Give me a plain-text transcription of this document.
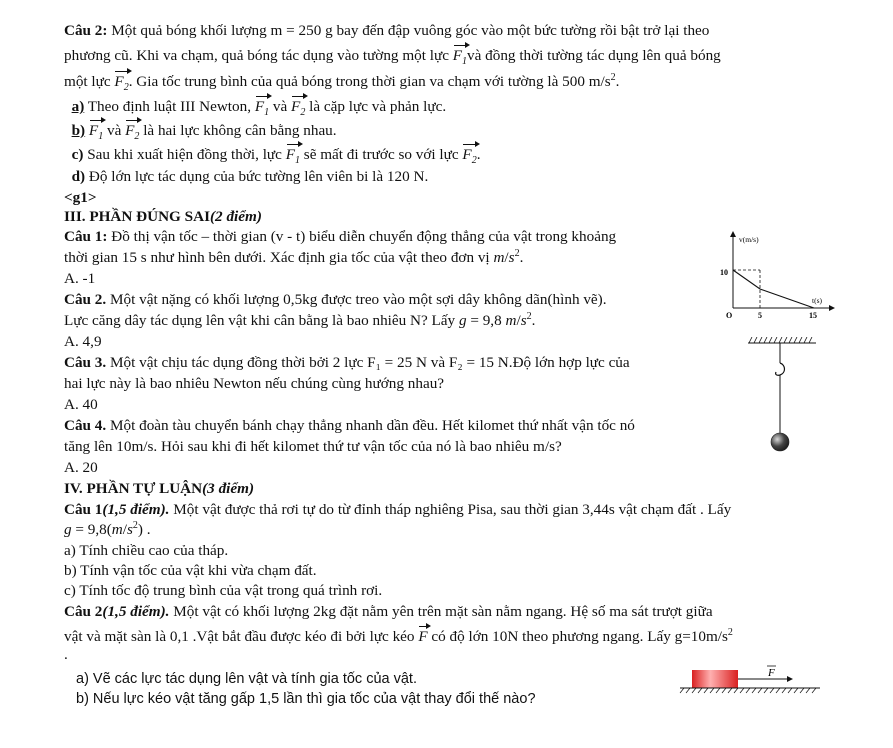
Câu 2: Một quả bóng khối lượng m = 250 g bay đến đập vuông góc vào một bức tường rồi bật trở lại theo
phương cũ. Khi va chạm, quả bóng tác dụng vào tường một lực $F_1và$ đồng thời tường tác dụng lên quả bóng
một lực $F_2$. Gia tốc trung bình của quả bóng trong thời gian va chạm với tường là 500 $m/s^2$.
a) Theo định luật III Newton, $F_1$ và $F_2$ là cặp lực và phản lực.
b) $F_1$ và $F_2$ là hai lực không cân bằng nhau.
c) Sau khi xuất hiện đồng thời, lực $F_1$ sẽ mất đi trước so với lực $F_2$.
d) Độ lớn lực tác dụng của bức tường lên viên bi là 120 N.
<g1>
III. PHẦN ĐÚNG SAI(2 điểm)
Câu 1: Đồ thị vận tốc – thời gian (v - t) biểu diễn chuyển động thẳng của vật trong khoảng
thời gian 15 s như hình bên dưới. Xác định gia tốc của vật theo đơn vị $m/s^2$.
A. -1
Câu 2. Một vật nặng có khối lượng 0,5kg được treo vào một sợi dây không dãn(hình vẽ).
Lực căng dây tác dụng lên vật khi cân bằng là bao nhiêu N? Lấy g = 9,8 $m/s^2$.
A. 4,9
Câu 3. Một vật chịu tác dụng đồng thời bởi 2 lực F₁ = 25 N và F₂ = 15 N.Độ lớn hợp lực của
hai lực này là bao nhiêu Newton nếu chúng cùng hướng nhau?
A. 40
Câu 4. Một đoàn tàu chuyển bánh chạy thẳng nhanh dần đều. Hết kilomet thứ nhất vận tốc nó
tăng lên 10m/s. Hỏi sau khi đi hết kilomet thứ tư vận tốc của nó là bao nhiêu m/s?
A. 20
IV. PHẦN TỰ LUẬN(3 điểm)
Câu 1(1,5 điểm). Một vật được thả rơi tự do từ đỉnh tháp nghiêng Pisa, sau thời gian 3,44s vật chạm đất . Lấy
$g = 9,8(m/s^2)$ .
a) Tính chiều cao của tháp.
b) Tính vận tốc của vật khi vừa chạm đất.
c) Tính tốc độ trung bình của vật trong quá trình rơi.
Câu 2(1,5 điểm). Một vật có khối lượng 2kg đặt nằm yên trên mặt sàn nằm ngang. Hệ số ma sát trượt giữa
vật và mặt sàn là 0,1 .Vật bắt đầu được kéo đi bởi lực kéo F có độ lớn 10N theo phương ngang. Lấy $g=10m/s^2$
.
a) Vẽ các lực tác dụng lên vật và tính gia tốc của vật.
b) Nếu lực kéo vật tăng gấp 1,5 lần thì gia tốc của vật thay đổi thế nào?
v(m/s)
t(s)
10
O	5	15
F
